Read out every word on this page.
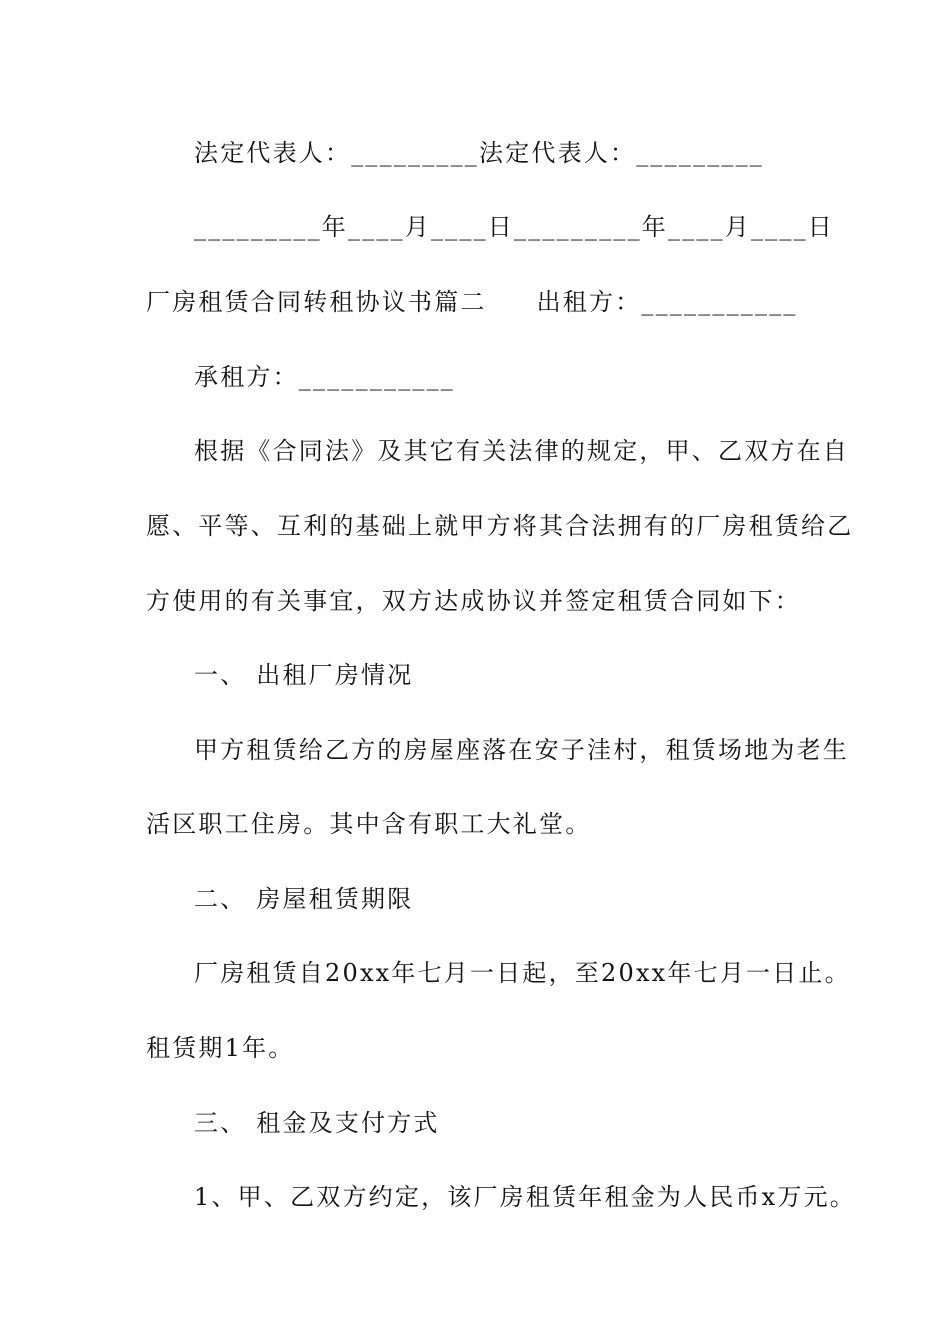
法定代表人：_________法定代表人：_________
_________年____月____日_________年____月____日
厂房租赁合同转租协议书篇二 出租方：___________
承租方：___________
根据《合同法》及其它有关法律的规定，甲、乙双方在自
愿、平等、互利的基础上就甲方将其合法拥有的厂房租赁给乙
方使用的有关事宜，双方达成协议并签定租赁合同如下：
一、 出租厂房情况
甲方租赁给乙方的房屋座落在安子洼村，租赁场地为老生
活区职工住房。其中含有职工大礼堂。
二、 房屋租赁期限
厂房租赁自20xx年七月一日起，至20xx年七月一日止。
租赁期1年。
三、 租金及支付方式
1、甲、乙双方约定，该厂房租赁年租金为人民币x万元。
